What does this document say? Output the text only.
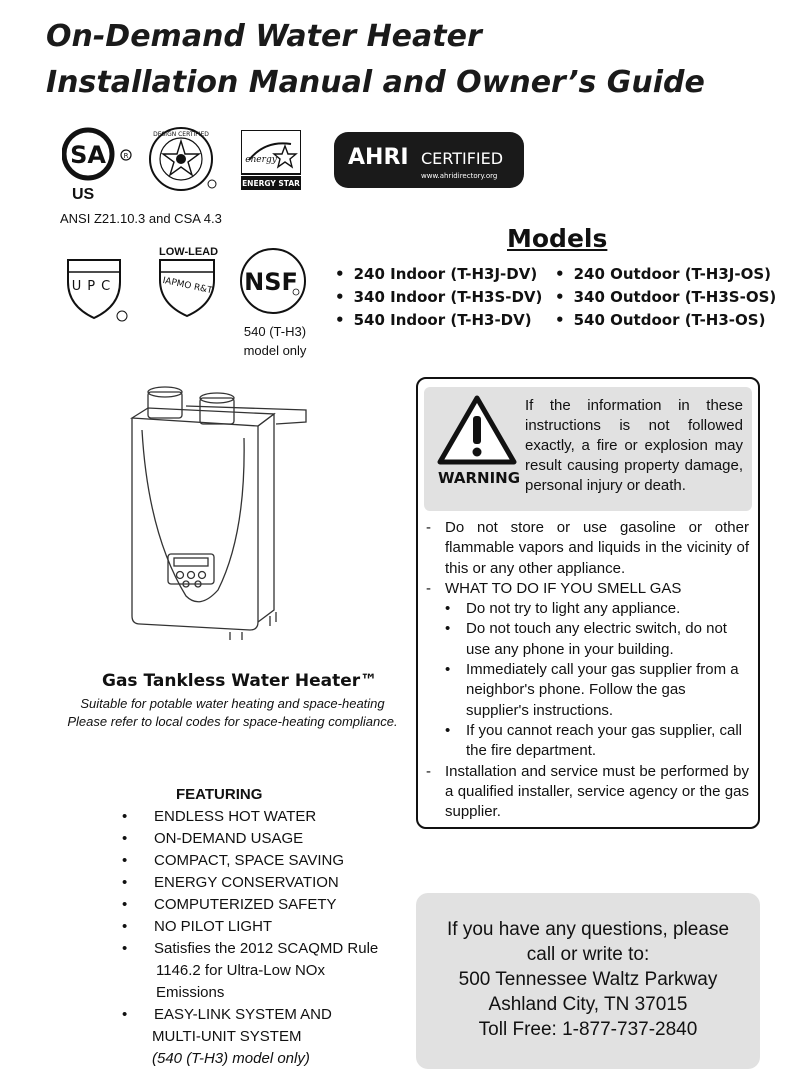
On-Demand Water Heater
Installation Manual and Owner’s Guide
SA	R
US
DESIGN CERTIFIED
energy
ENERGY STAR
AHRI CERTIFIED
www.ahridirectory.org
ANSI Z21.10.3 and CSA 4.3
UPC
LOW-LEAD
IAPMO R&T NSF
540 (T-H3)
model only
Models
• 240 Indoor (T-H3J-DV)
• 340 Indoor (T-H3S-DV)
• 540 Indoor (T-H3-DV)
• 240 Outdoor (T-H3J-OS)
• 340 Outdoor (T-H3S-OS)
• 540 Outdoor (T-H3-OS)
Gas Tankless Water Heater™
Suitable for potable water heating and space-heating
Please refer to local codes for space-heating compliance.
WARNING
If the information in these instructions is not followed exactly, a fire or explosion may result causing property damage, personal injury or death.
- Do not store or use gasoline or other flammable vapors and liquids in the vicinity of this or any other appliance.
- WHAT TO DO IF YOU SMELL GAS
•	Do not try to light any appliance.
•	Do not touch any electric switch, do not use any phone in your building.
•	Immediately call your gas supplier from a neighbor's phone. Follow the gas supplier's instructions.
•	If you cannot reach your gas supplier, call the fire department.
- Installation and service must be performed by a qualified installer, service agency or the gas supplier.
FEATURING
•	ENDLESS HOT WATER
•	ON-DEMAND USAGE
•	COMPACT, SPACE SAVING
•	ENERGY CONSERVATION
•	COMPUTERIZED SAFETY
•	NO PILOT LIGHT
•	Satisfies the 2012 SCAQMD Rule
1146.2 for Ultra-Low NOx
Emissions
•	EASY-LINK SYSTEM AND
MULTI-UNIT SYSTEM
(540 (T-H3) model only)
If you have any questions, please
call or write to:
500 Tennessee Waltz Parkway
Ashland City, TN 37015
Toll Free: 1-877-737-2840
